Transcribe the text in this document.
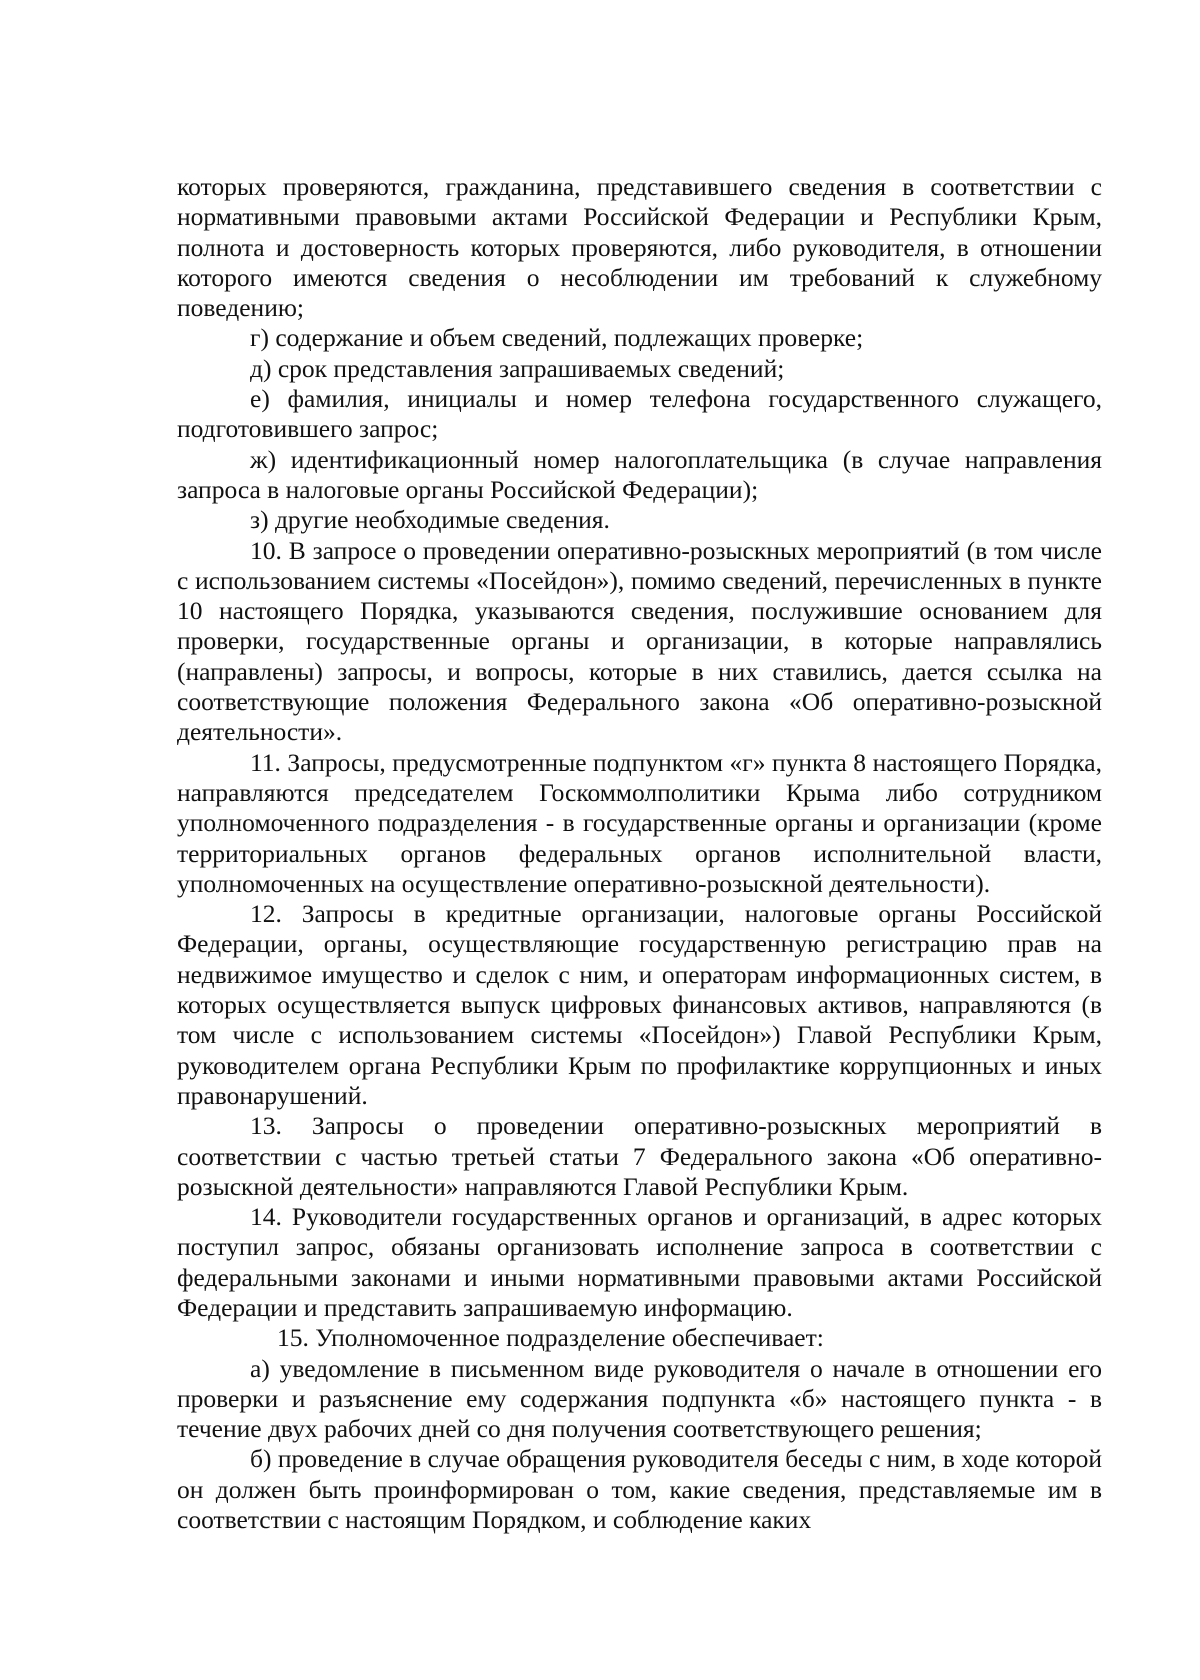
которых проверяются, гражданина, представившего сведения в соответствии с нормативными правовыми актами Российской Федерации и Республики Крым, полнота и достоверность которых проверяются, либо руководителя, в отношении которого имеются сведения о несоблюдении им требований к служебному поведению;

г) содержание и объем сведений, подлежащих проверке;

д) срок представления запрашиваемых сведений;

е) фамилия, инициалы и номер телефона государственного служащего, подготовившего запрос;

ж) идентификационный номер налогоплательщика (в случае направления запроса в налоговые органы Российской Федерации);

з) другие необходимые сведения.

10. В запросе о проведении оперативно-розыскных мероприятий (в том числе с использованием системы «Посейдон»), помимо сведений, перечисленных в пункте 10 настоящего Порядка, указываются сведения, послужившие основанием для проверки, государственные органы и организации, в которые направлялись (направлены) запросы, и вопросы, которые в них ставились, дается ссылка на соответствующие положения Федерального закона «Об оперативно-розыскной деятельности».

11. Запросы, предусмотренные подпунктом «г» пункта 8 настоящего Порядка, направляются председателем Госкоммолполитики Крыма либо сотрудником уполномоченного подразделения - в государственные органы и организации (кроме территориальных органов федеральных органов исполнительной власти, уполномоченных на осуществление оперативно-розыскной деятельности).

12. Запросы в кредитные организации, налоговые органы Российской Федерации, органы, осуществляющие государственную регистрацию прав на недвижимое имущество и сделок с ним, и операторам информационных систем, в которых осуществляется выпуск цифровых финансовых активов, направляются (в том числе с использованием системы «Посейдон») Главой Республики Крым, руководителем органа Республики Крым по профилактике коррупционных и иных правонарушений.

13. Запросы о проведении оперативно-розыскных мероприятий в соответствии с частью третьей статьи 7 Федерального закона «Об оперативно-розыскной деятельности» направляются Главой Республики Крым.

14. Руководители государственных органов и организаций, в адрес которых поступил запрос, обязаны организовать исполнение запроса в соответствии с федеральными законами и иными нормативными правовыми актами Российской Федерации и представить запрашиваемую информацию.

15. Уполномоченное подразделение обеспечивает:

а) уведомление в письменном виде руководителя о начале в отношении его проверки и разъяснение ему содержания подпункта «б» настоящего пункта - в течение двух рабочих дней со дня получения соответствующего решения;

б) проведение в случае обращения руководителя беседы с ним, в ходе которой он должен быть проинформирован о том, какие сведения, представляемые им в соответствии с настоящим Порядком, и соблюдение каких
